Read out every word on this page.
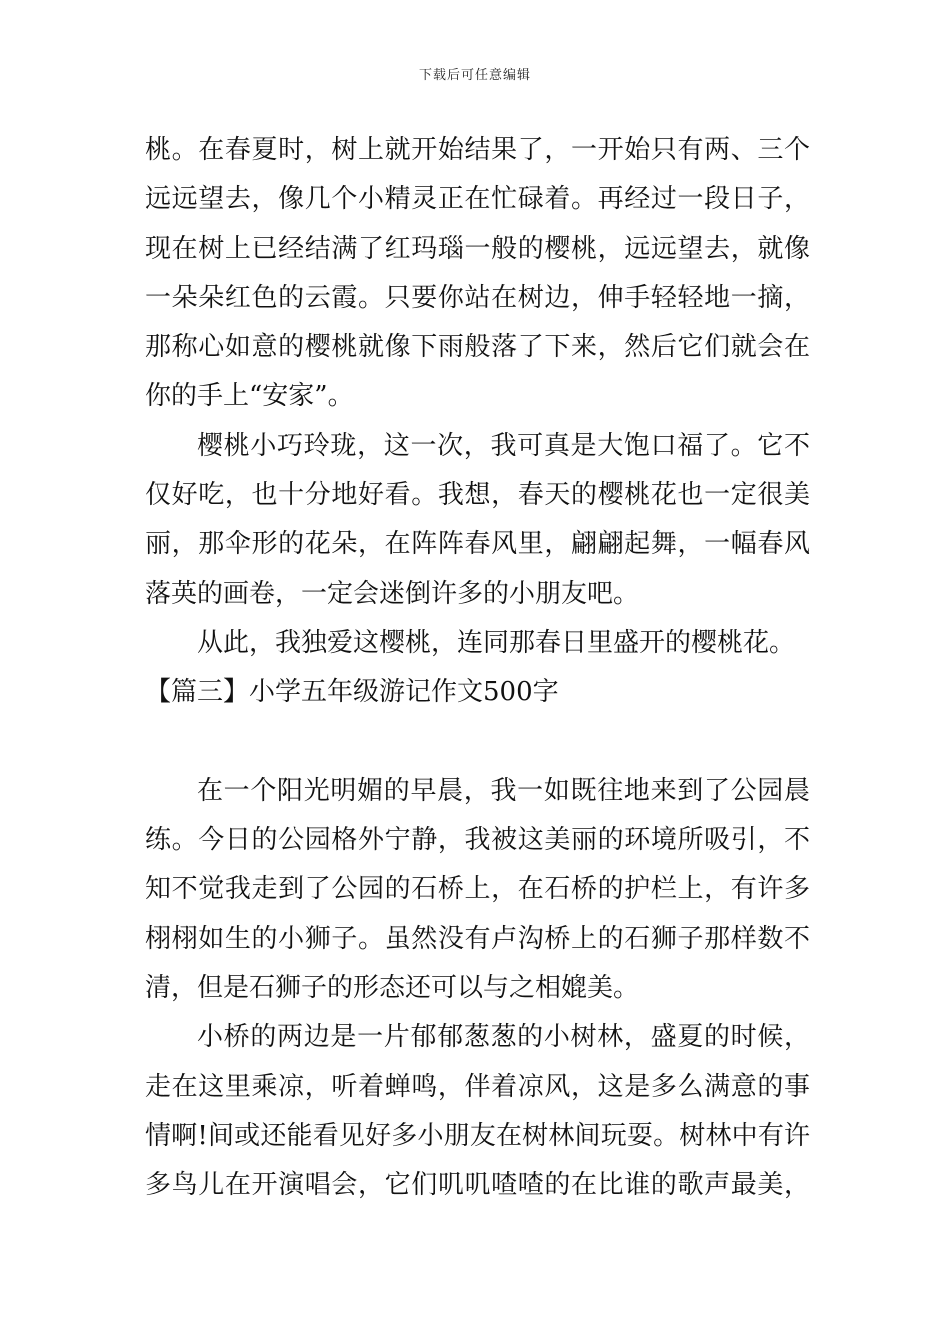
下载后可任意编辑
桃。在春夏时，树上就开始结果了，一开始只有两、三个
远远望去，像几个小精灵正在忙碌着。再经过一段日子，
现在树上已经结满了红玛瑙一般的樱桃，远远望去，就像
一朵朵红色的云霞。只要你站在树边，伸手轻轻地一摘，
那称心如意的樱桃就像下雨般落了下来，然后它们就会在
你的手上“安家”。
樱桃小巧玲珑，这一次，我可真是大饱口福了。它不
仅好吃，也十分地好看。我想，春天的樱桃花也一定很美
丽，那伞形的花朵，在阵阵春风里，翩翩起舞，一幅春风
落英的画卷，一定会迷倒许多的小朋友吧。
从此，我独爱这樱桃，连同那春日里盛开的樱桃花。
【篇三】小学五年级游记作文500字
在一个阳光明媚的早晨，我一如既往地来到了公园晨
练。今日的公园格外宁静，我被这美丽的环境所吸引，不
知不觉我走到了公园的石桥上，在石桥的护栏上，有许多
栩栩如生的小狮子。虽然没有卢沟桥上的石狮子那样数不
清，但是石狮子的形态还可以与之相媲美。
小桥的两边是一片郁郁葱葱的小树林，盛夏的时候，
走在这里乘凉，听着蝉鸣，伴着凉风，这是多么满意的事
情啊!间或还能看见好多小朋友在树林间玩耍。树林中有许
多鸟儿在开演唱会，它们叽叽喳喳的在比谁的歌声最美，
